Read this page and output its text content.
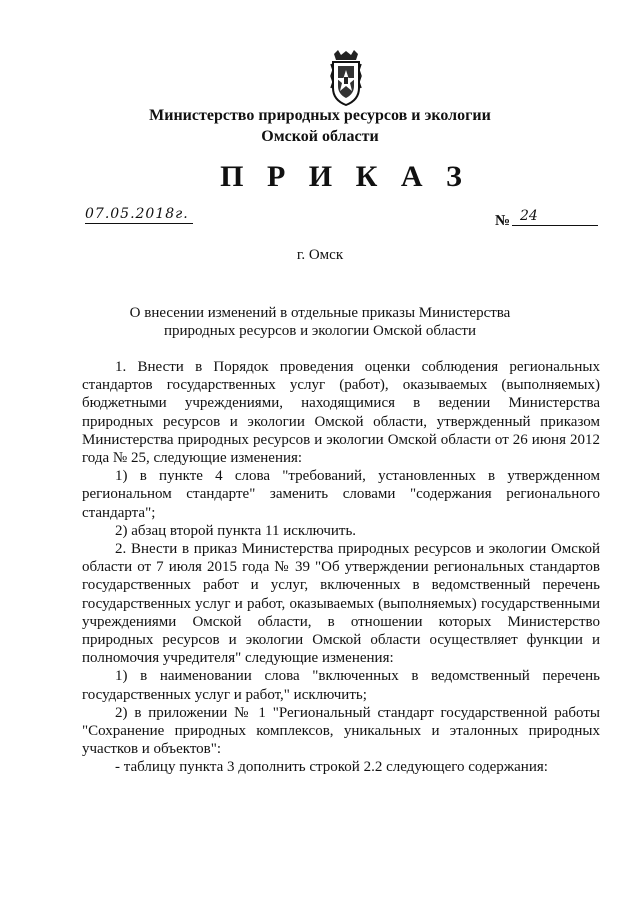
Министерство природных ресурсов и экологии
Омской области
П Р И К А З
07.05.2018г.	№ 24
г. Омск
О внесении изменений в отдельные приказы Министерства
природных ресурсов и экологии Омской области

1. Внести в Порядок проведения оценки соблюдения региональных стандартов государственных услуг (работ), оказываемых (выполняемых) бюджетными учреждениями, находящимися в ведении Министерства природных ресурсов и экологии Омской области, утвержденный приказом Министерства природных ресурсов и экологии Омской области от 26 июня 2012 года № 25, следующие изменения:

1) в пункте 4 слова "требований, установленных в утвержденном региональном стандарте" заменить словами "содержания регионального стандарта";

2) абзац второй пункта 11 исключить.

2. Внести в приказ Министерства природных ресурсов и экологии Омской области от 7 июля 2015 года № 39 "Об утверждении региональных стандартов государственных работ и услуг, включенных в ведомственный перечень государственных услуг и работ, оказываемых (выполняемых) государственными учреждениями Омской области, в отношении которых Министерство природных ресурсов и экологии Омской области осуществляет функции и полномочия учредителя" следующие изменения:

1) в наименовании слова "включенных в ведомственный перечень государственных услуг и работ," исключить;

2) в приложении № 1 "Региональный стандарт государственной работы "Сохранение природных комплексов, уникальных и эталонных природных участков и объектов":

- таблицу пункта 3 дополнить строкой 2.2 следующего содержания:
